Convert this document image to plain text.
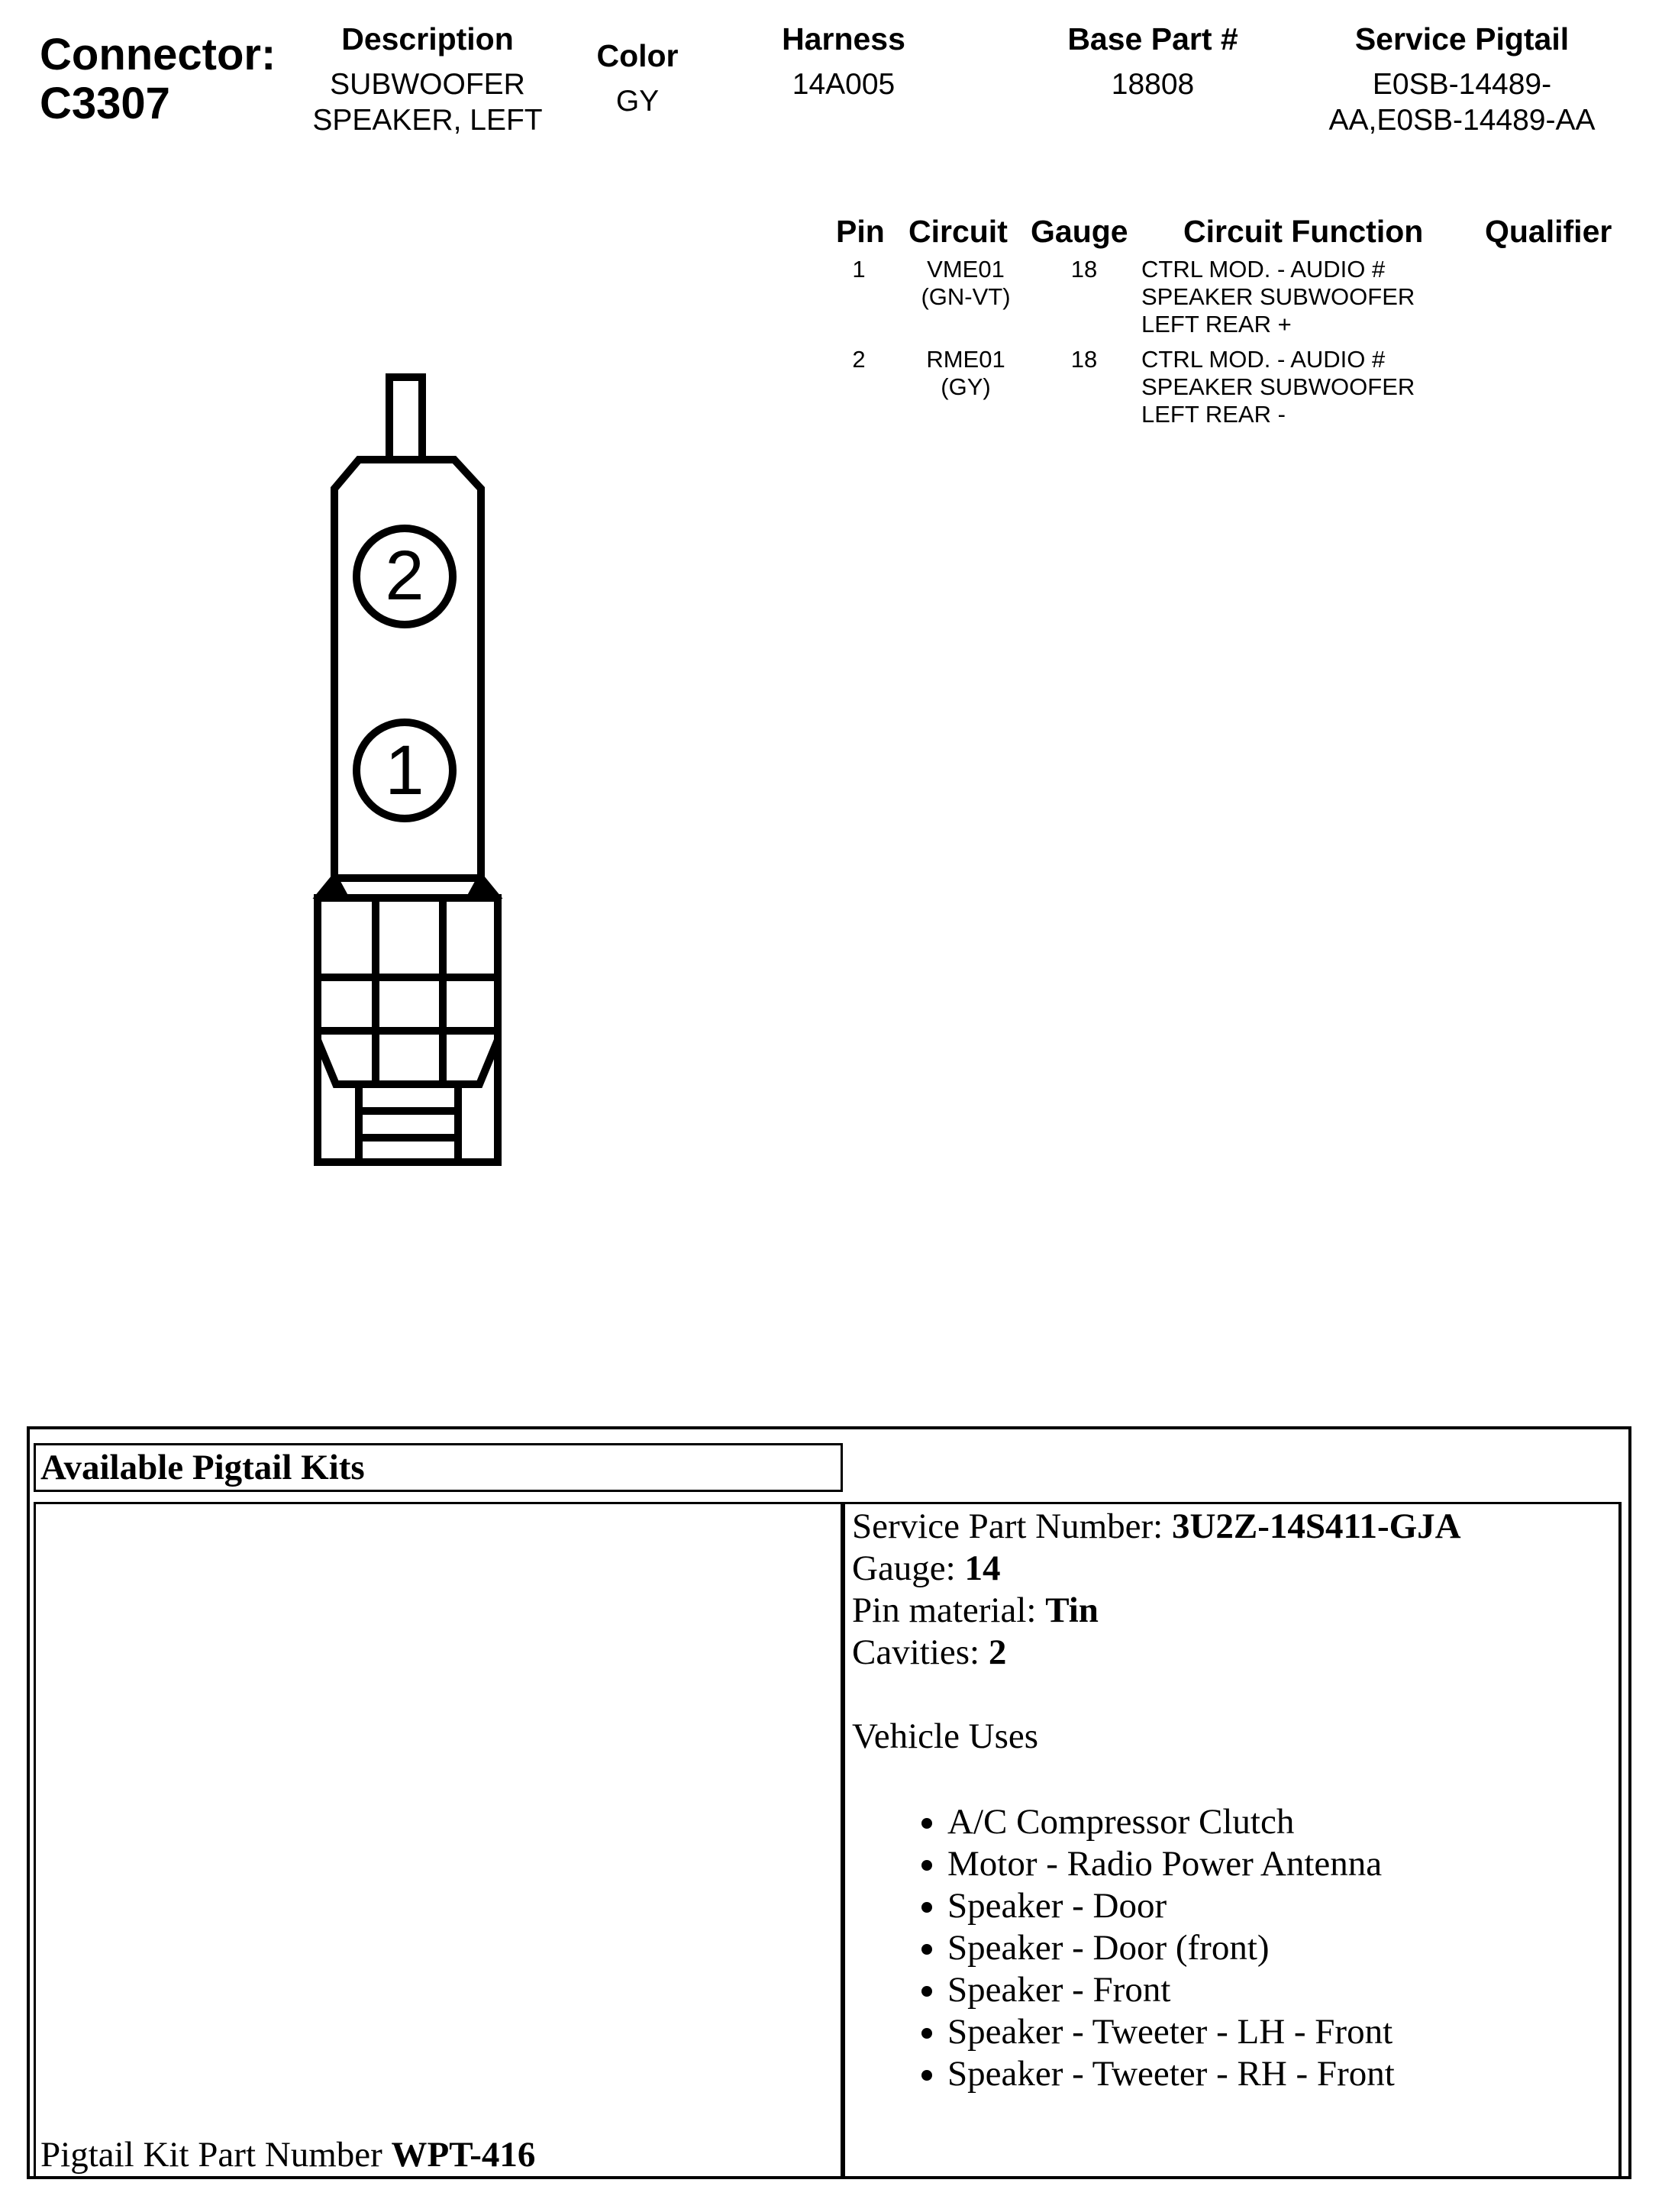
Connector:
C3307
Description
SUBWOOFER
SPEAKER, LEFT
Color
GY
Harness
14A005
Base Part #
18808
Service Pigtail
E0SB-14489-
AA,E0SB-14489-AA
Pin Circuit Gauge Circuit Function Qualifier
1	VME01
(GN-VT)
18 CTRL MOD. - AUDIO #
SPEAKER SUBWOOFER
LEFT REAR +
2	RME01
(GY)
18 CTRL MOD. - AUDIO #
SPEAKER SUBWOOFER
LEFT REAR -
2
1
Available Pigtail Kits
Pigtail Kit Part Number WPT-416
Service Part Number: 3U2Z-14S411-GJA
Gauge: 14
Pin material: Tin
Cavities: 2
Vehicle Uses
• A/C Compressor Clutch
• Motor - Radio Power Antenna
• Speaker - Door
• Speaker - Door (front)
• Speaker - Front
• Speaker - Tweeter - LH - Front
• Speaker - Tweeter - RH - Front
